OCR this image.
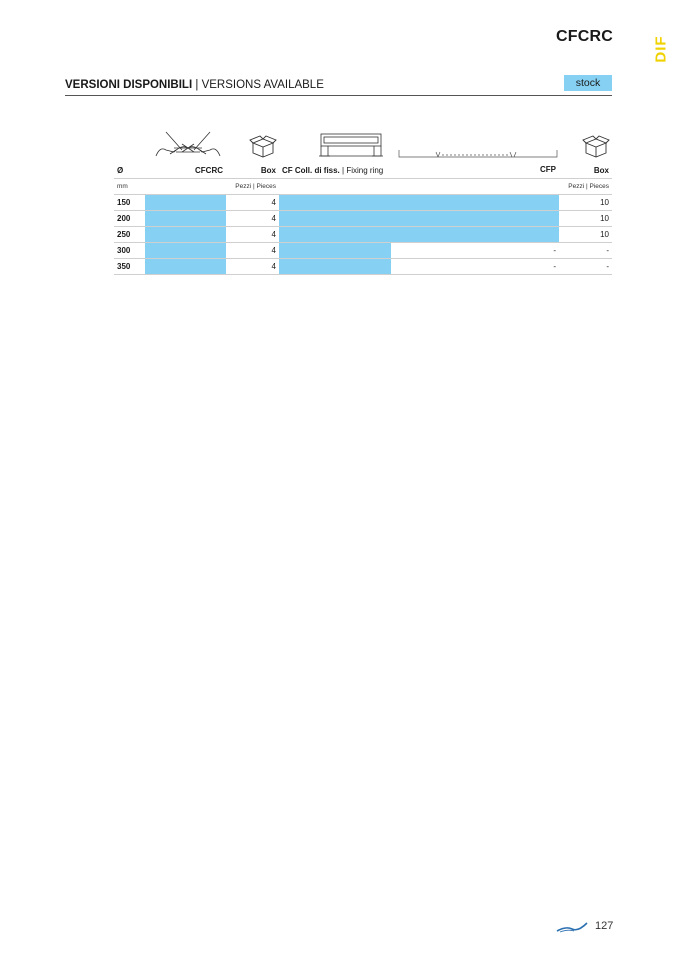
CFCRC	DIF
VERSIONI DISPONIBILI | VERSIONS AVAILABLE	stock
Ø	CFCRC	Box	CF Coll. di fiss. | Fixing ring CFP		Box
mm		Pezzi | Pieces			Pezzi | Pieces
150		4			10
200		4			10
250		4			10
300		4		-	-
350		4		-	-
127
